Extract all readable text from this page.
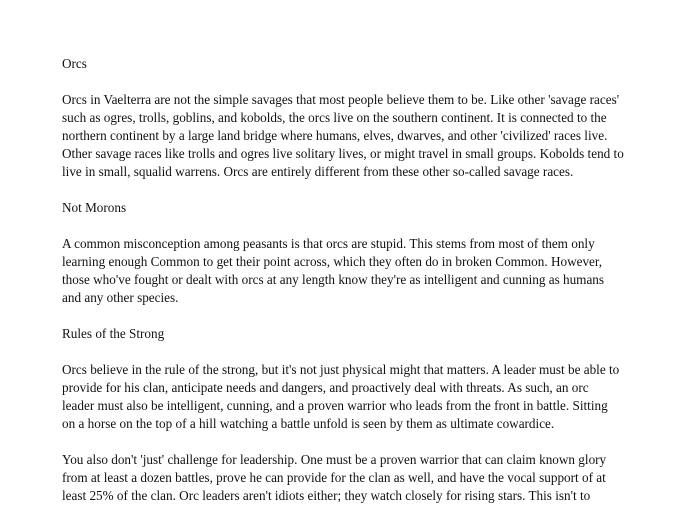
Orcs
Orcs in Vaelterra are not the simple savages that most people believe them to be. Like other 'savage races' such as ogres, trolls, goblins, and kobolds, the orcs live on the southern continent. It is connected to the northern continent by a large land bridge where humans, elves, dwarves, and other 'civilized' races live. Other savage races like trolls and ogres live solitary lives, or might travel in small groups. Kobolds tend to live in small, squalid warrens. Orcs are entirely different from these other so-called savage races.
Not Morons
A common misconception among peasants is that orcs are stupid. This stems from most of them only learning enough Common to get their point across, which they often do in broken Common. However, those who've fought or dealt with orcs at any length know they're as intelligent and cunning as humans and any other species.
Rules of the Strong
Orcs believe in the rule of the strong, but it's not just physical might that matters. A leader must be able to provide for his clan, anticipate needs and dangers, and proactively deal with threats. As such, an orc leader must also be intelligent, cunning, and a proven warrior who leads from the front in battle. Sitting on a horse on the top of a hill watching a battle unfold is seen by them as ultimate cowardice.
You also don't 'just' challenge for leadership. One must be a proven warrior that can claim known glory from at least a dozen battles, prove he can provide for the clan as well, and have the vocal support of at least 25% of the clan. Orc leaders aren't idiots either; they watch closely for rising stars. This isn't to
